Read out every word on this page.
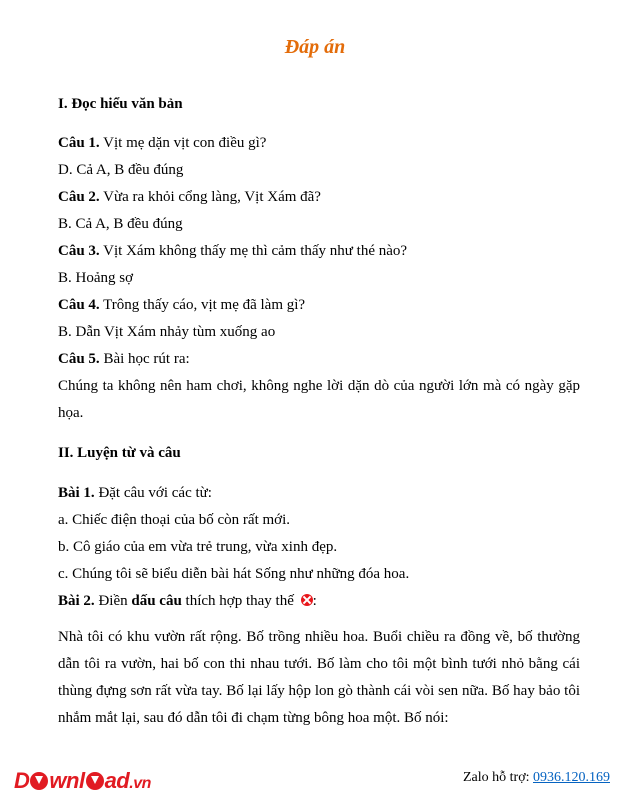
Đáp án
I. Đọc hiểu văn bản
Câu 1. Vịt mẹ dặn vịt con điều gì?
D. Cả A, B đều đúng
Câu 2. Vừa ra khỏi cổng làng, Vịt Xám đã?
B. Cả A, B đều đúng
Câu 3. Vịt Xám không thấy mẹ thì cảm thấy như thé nào?
B. Hoảng sợ
Câu 4. Trông thấy cáo, vịt mẹ đã làm gì?
B. Dẫn Vịt Xám nhảy tùm xuống ao
Câu 5. Bài học rút ra:
Chúng ta không nên ham chơi, không nghe lời dặn dò của người lớn mà có ngày gặp họa.
II. Luyện từ và câu
Bài 1. Đặt câu với các từ:
a. Chiếc điện thoại của bố còn rất mới.
b. Cô giáo của em vừa trẻ trung, vừa xinh đẹp.
c. Chúng tôi sẽ biểu diễn bài hát Sống như những đóa hoa.
Bài 2. Điền dấu câu thích hợp thay thế :
Nhà tôi có khu vườn rất rộng. Bố trồng nhiều hoa. Buổi chiều ra đồng về, bố thường dẫn tôi ra vườn, hai bố con thi nhau tưới. Bố làm cho tôi một bình tưới nhỏ bằng cái thùng đựng sơn rất vừa tay. Bố lại lấy hộp lon gò thành cái vòi sen nữa. Bố hay bảo tôi nhắm mắt lại, sau đó dẫn tôi đi chạm từng bông hoa một. Bố nói:
D wnl ad.vn	Zalo hỗ trợ: 0936.120.169
